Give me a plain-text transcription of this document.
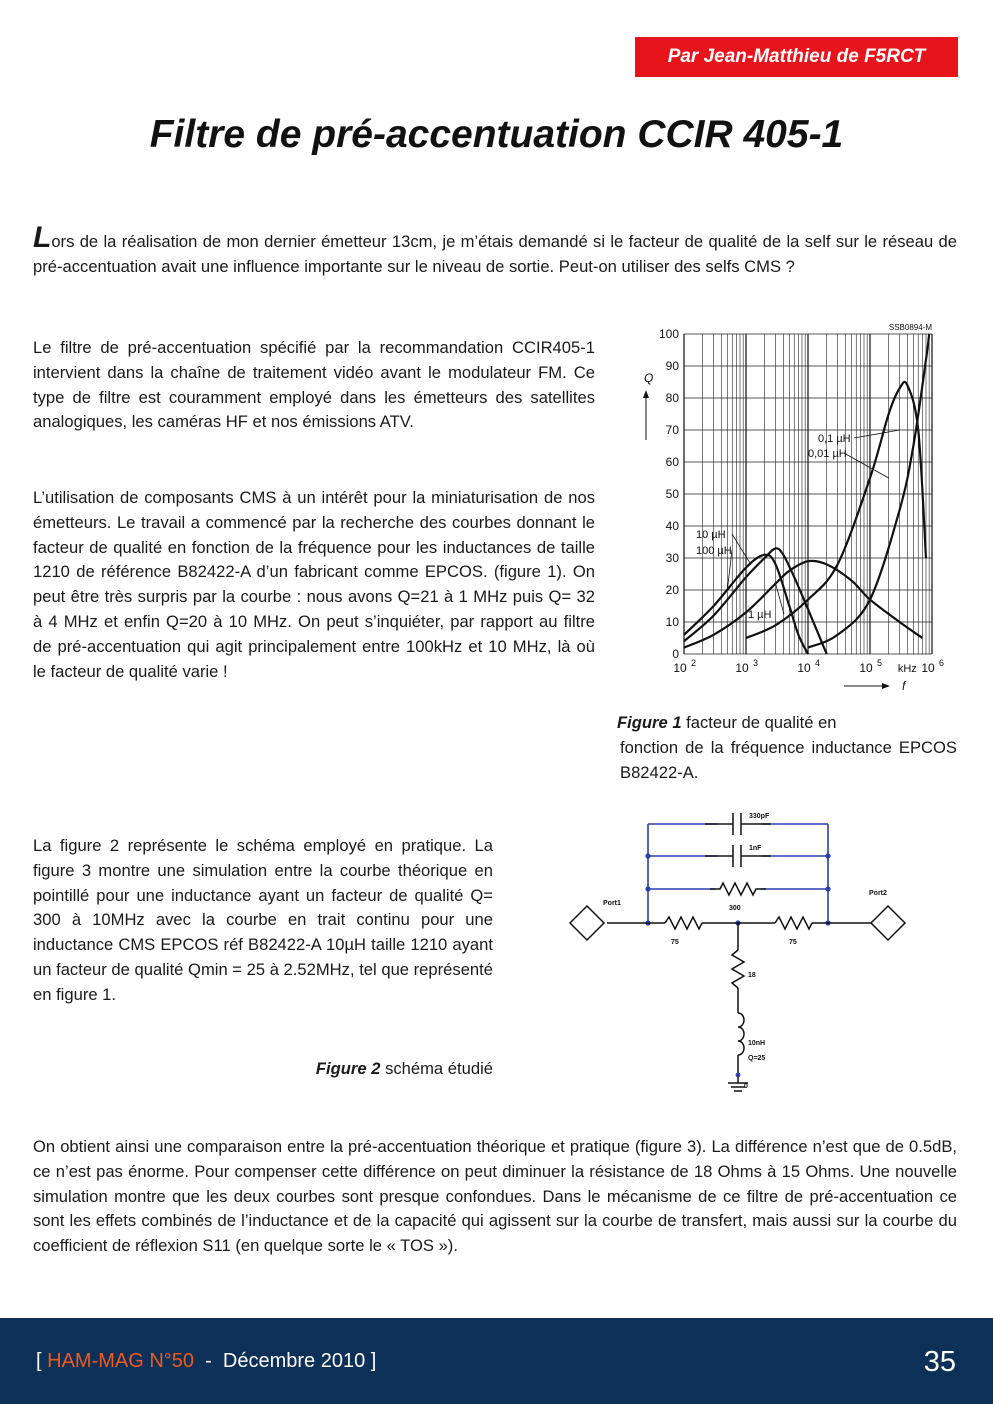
Par Jean-Matthieu de F5RCT
Filtre de pré-accentuation CCIR 405-1

Lors de la réalisation de mon dernier émetteur 13cm, je m’étais demandé si le facteur de qualité de la self sur le réseau de pré-accentuation avait une influence importante sur le niveau de sortie. Peut-on utiliser des selfs CMS ?

Le filtre de pré-accentuation spécifié par la recommandation CCIR405-1 intervient dans la chaîne de traitement vidéo avant le modulateur FM. Ce type de filtre est couramment employé dans les émetteurs des satellites analogiques, les caméras HF et nos émissions ATV.

L’utilisation de composants CMS à un intérêt pour la miniaturisation de nos émetteurs. Le travail a commencé par la recherche des courbes donnant le facteur de qualité en fonction de la fréquence pour les inductances de taille 1210 de référence B82422-A d’un fabricant comme EPCOS. (figure 1). On peut être très surpris par la courbe : nous avons Q=21 à 1 MHz puis Q= 32 à 4 MHz et enfin Q=20 à 10 MHz. On peut s’inquiéter, par rapport au filtre de pré-accentuation qui agit principalement entre 100kHz et 10 MHz, là où le facteur de qualité varie !

0
10
20
30
40
50
60
70
80
90
100
10 2	10 3	10 4	10 5	10 6
kHz
Q
f
SSB0894-M
100 µH
10 µH
1 µH
0,1 µH
0,01 µH
Figure 1 facteur de qualité en
fonction de la fréquence inductance EPCOS B82422-A.

La figure 2 représente le schéma employé en pratique. La figure 3 montre une simulation entre la courbe théorique en pointillé pour une inductance ayant un facteur de qualité Q= 300 à 10MHz avec la courbe en trait continu pour une inductance CMS EPCOS réf B82422-A 10µH taille 1210 ayant un facteur de qualité Qmin = 25 à 2.52MHz, tel que représenté en figure 1.

Figure 2 schéma étudié
330pF
1nF
300
75	75
18
10nH
Q=25
0
Port1
Port2

On obtient ainsi une comparaison entre la pré-accentuation théorique et pratique (figure 3). La différence n’est que de 0.5dB, ce n’est pas énorme. Pour compenser cette différence on peut diminuer la résistance de 18 Ohms à 15 Ohms. Une nouvelle simulation montre que les deux courbes sont presque confondues. Dans le mécanisme de ce filtre de pré-accentuation ce sont les effets combinés de l’inductance et de la capacité qui agissent sur la courbe de transfert, mais aussi sur la courbe du coefficient de réflexion S11 (en quelque sorte le « TOS »).

[ HAM-MAG N°50  -  Décembre 2010 ]	35
